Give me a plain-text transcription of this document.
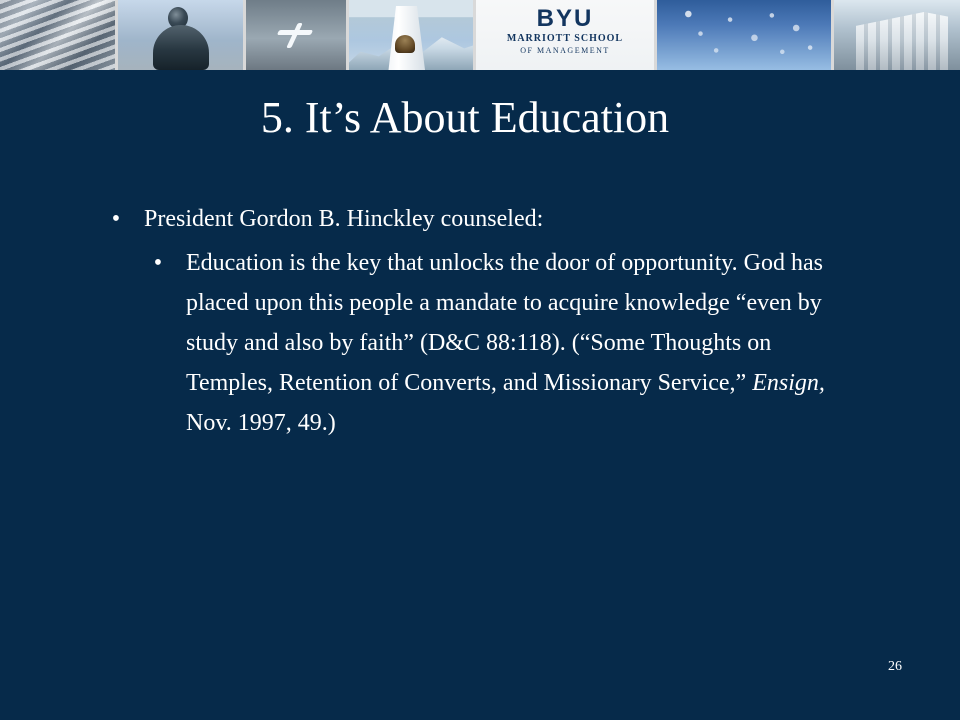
BYU
MARRIOTT SCHOOL
OF MANAGEMENT
5. It’s About Education
• President Gordon B. Hinckley counseled:
• Education is the key that unlocks the door of opportunity. God has placed upon this people a mandate to acquire knowledge “even by study and also by faith” (D&C 88:118). (“Some Thoughts on Temples, Retention of Converts, and Missionary Service,” Ensign, Nov. 1997, 49.)
26
